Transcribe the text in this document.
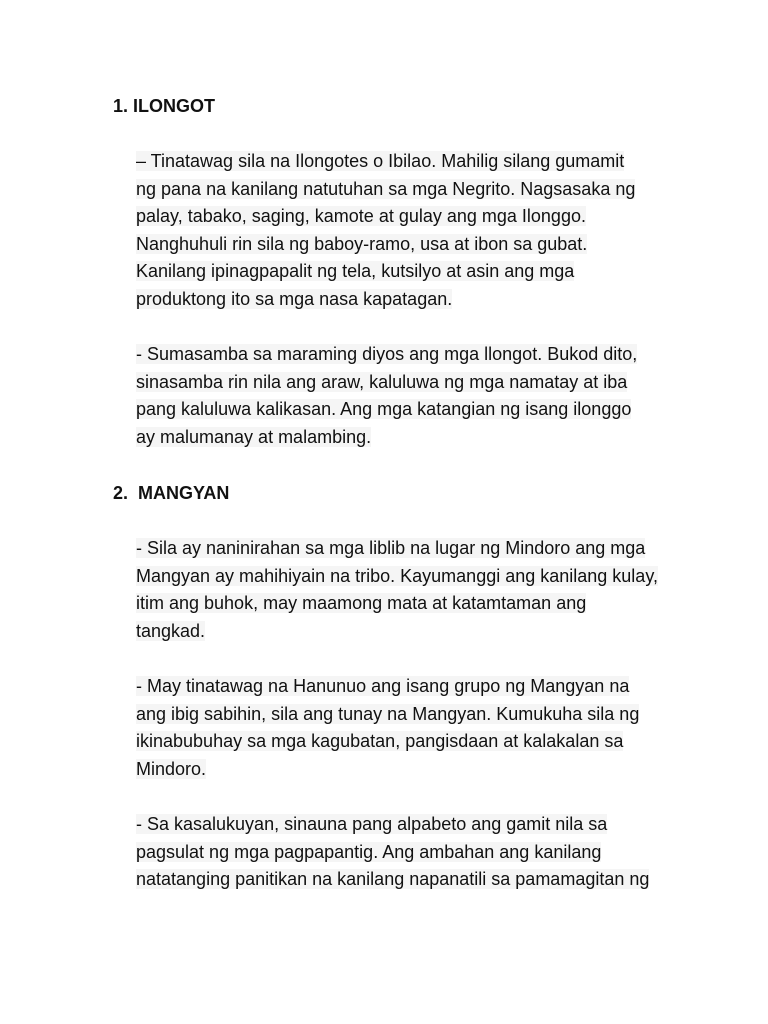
1. ILONGOT
– Tinatawag sila na Ilongotes o Ibilao. Mahilig silang gumamit
ng pana na kanilang natutuhan sa mga Negrito. Nagsasaka ng
palay, tabako, saging, kamote at gulay ang mga Ilonggo.
Nanghuhuli rin sila ng baboy-ramo, usa at ibon sa gubat.
Kanilang ipinagpapalit ng tela, kutsilyo at asin ang mga
produktong ito sa mga nasa kapatagan.
- Sumasamba sa maraming diyos ang mga llongot. Bukod dito,
sinasamba rin nila ang araw, kaluluwa ng mga namatay at iba
pang kaluluwa kalikasan. Ang mga katangian ng isang ilonggo
ay malumanay at malambing.
2. MANGYAN
- Sila ay naninirahan sa mga liblib na lugar ng Mindoro ang mga
Mangyan ay mahihiyain na tribo. Kayumanggi ang kanilang kulay,
itim ang buhok, may maamong mata at katamtaman ang
tangkad.
- May tinatawag na Hanunuo ang isang grupo ng Mangyan na
ang ibig sabihin, sila ang tunay na Mangyan. Kumukuha sila ng
ikinabubuhay sa mga kagubatan, pangisdaan at kalakalan sa
Mindoro.
- Sa kasalukuyan, sinauna pang alpabeto ang gamit nila sa
pagsulat ng mga pagpapantig. Ang ambahan ang kanilang
natatanging panitikan na kanilang napanatili sa pamamagitan ng
